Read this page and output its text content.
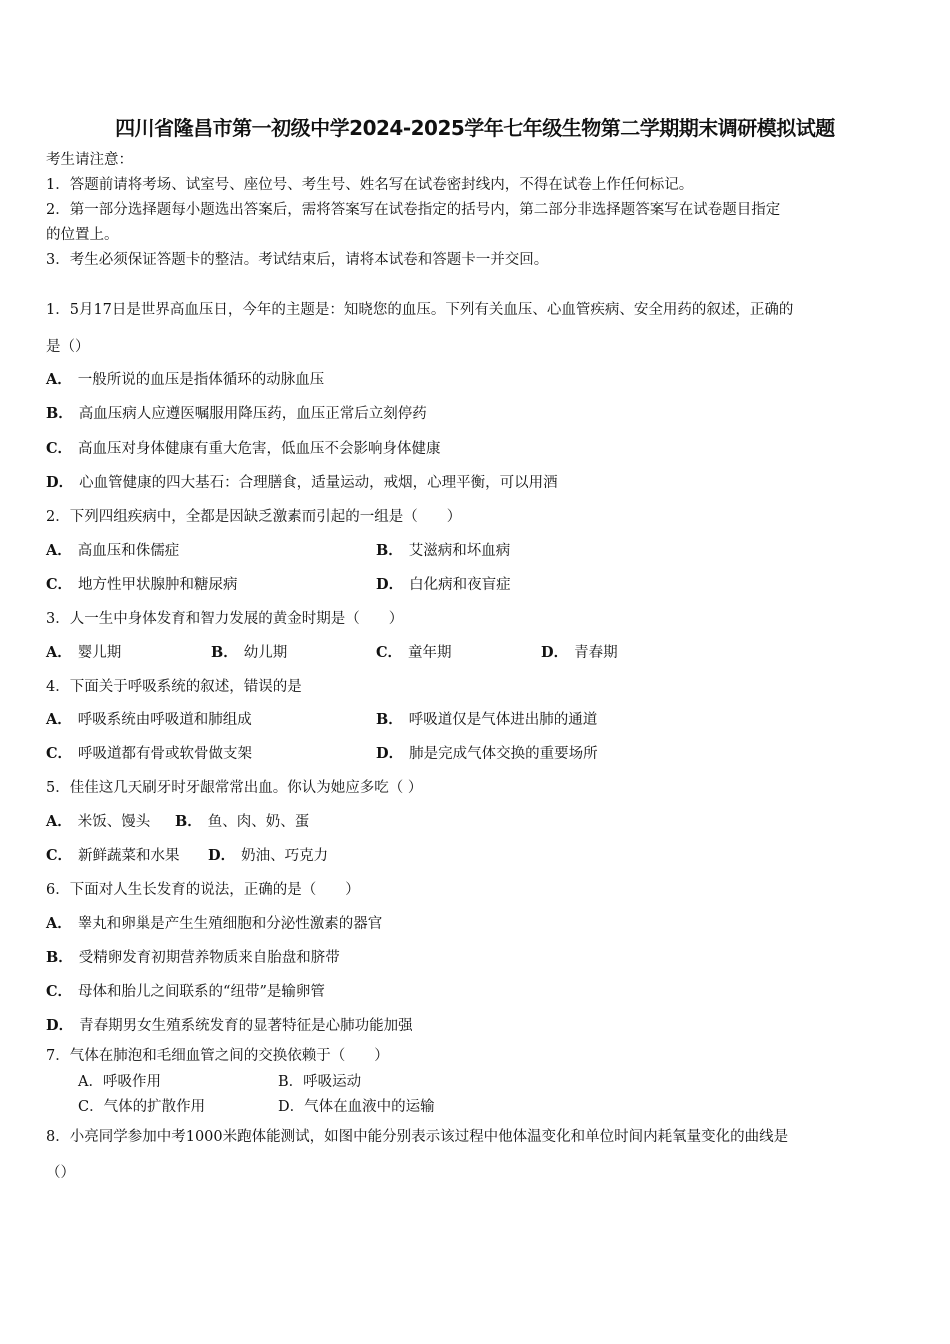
四川省隆昌市第一初级中学2024-2025学年七年级生物第二学期期末调研模拟试题
考生请注意：
1．答题前请将考场、试室号、座位号、考生号、姓名写在试卷密封线内，不得在试卷上作任何标记。
2．第一部分选择题每小题选出答案后，需将答案写在试卷指定的括号内，第二部分非选择题答案写在试卷题目指定
的位置上。
3．考生必须保证答题卡的整洁。考试结束后，请将本试卷和答题卡一并交回。
1．5月17日是世界高血压日，今年的主题是：知晓您的血压。下列有关血压、心血管疾病、安全用药的叙述，正确的
是（）
A． 一般所说的血压是指体循环的动脉血压
B． 高血压病人应遵医嘱服用降压药，血压正常后立刻停药
C． 高血压对身体健康有重大危害，低血压不会影响身体健康
D． 心血管健康的四大基石：合理膳食，适量运动，戒烟，心理平衡，可以用酒
2．下列四组疾病中，全都是因缺乏激素而引起的一组是（　　）
A． 高血压和侏儒症	B． 艾滋病和坏血病
C． 地方性甲状腺肿和糖尿病	D． 白化病和夜盲症
3．人一生中身体发育和智力发展的黄金时期是（　　）
A． 婴儿期	B． 幼儿期	C． 童年期	D． 青春期
4．下面关于呼吸系统的叙述，错误的是
A． 呼吸系统由呼吸道和肺组成	B． 呼吸道仅是气体进出肺的通道
C． 呼吸道都有骨或软骨做支架	D． 肺是完成气体交换的重要场所
5．佳佳这几天刷牙时牙龈常常出血。你认为她应多吃（ ）
A． 米饭、馒头 B． 鱼、肉、奶、蛋
C． 新鲜蔬菜和水果 D． 奶油、巧克力
6．下面对人生长发育的说法，正确的是（　　）
A． 睾丸和卵巢是产生生殖细胞和分泌性激素的器官
B． 受精卵发育初期营养物质来自胎盘和脐带
C． 母体和胎儿之间联系的“纽带”是输卵管
D． 青春期男女生殖系统发育的显著特征是心肺功能加强
7．气体在肺泡和毛细血管之间的交换依赖于（　　）
A．呼吸作用	B．呼吸运动
C．气体的扩散作用	D．气体在血液中的运输
8．小亮同学参加中考1000米跑体能测试，如图中能分别表示该过程中他体温变化和单位时间内耗氧量变化的曲线是
（）
